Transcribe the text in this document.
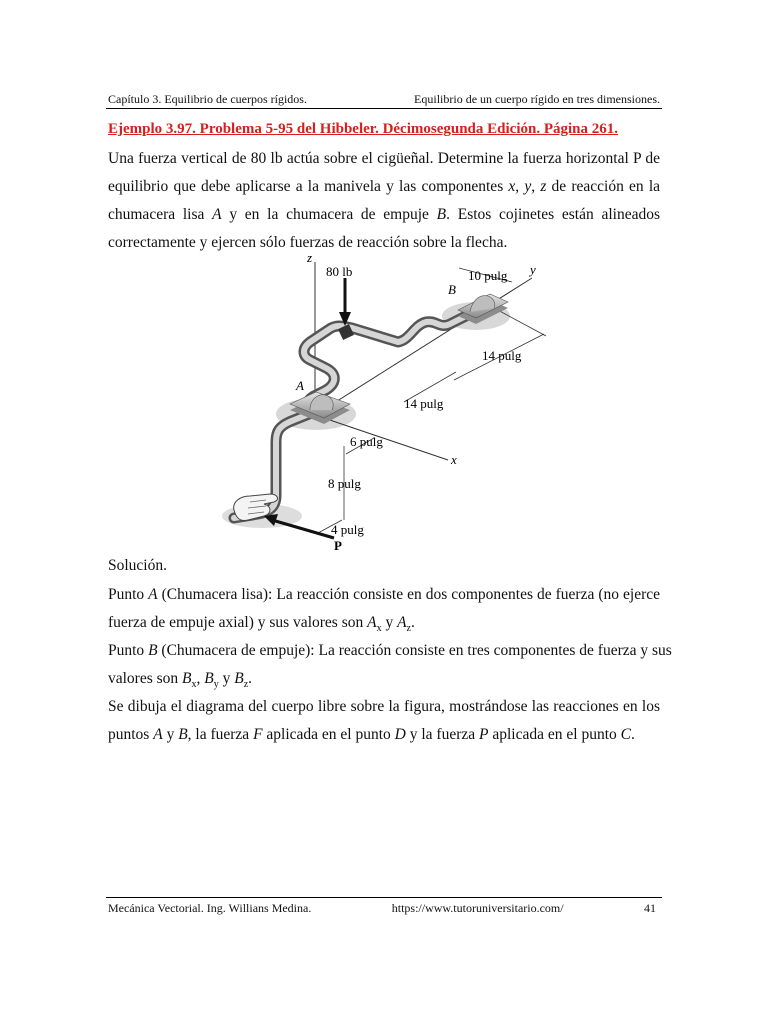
Capítulo 3. Equilibrio de cuerpos rígidos.	Equilibrio de un cuerpo rígido en tres dimensiones.
Ejemplo 3.97. Problema 5-95 del Hibbeler. Décimosegunda Edición. Página 261.
Una fuerza vertical de 80 lb actúa sobre el cigüeñal. Determine la fuerza horizontal P de
equilibrio que debe aplicarse a la manivela y las componentes x, y, z de reacción en la
chumacera lisa A y en la chumacera de empuje B. Estos cojinetes están alineados
correctamente y ejercen sólo fuerzas de reacción sobre la flecha.
z
80 lb	10 pulg y
B
14 pulg
A
14 pulg
6 pulg
x
8 pulg
4 pulg
P
Solución.
Punto A (Chumacera lisa): La reacción consiste en dos componentes de fuerza (no ejerce
fuerza de empuje axial) y sus valores son $A_x$ y $A_z$.
Punto B (Chumacera de empuje): La reacción consiste en tres componentes de fuerza y sus
valores son $B_x$, $B_y$ y $B_z$.
Se dibuja el diagrama del cuerpo libre sobre la figura, mostrándose las reacciones en los
puntos A y B, la fuerza F aplicada en el punto D y la fuerza P aplicada en el punto C.
Mecánica Vectorial. Ing. Willians Medina.	https://www.tutoruniversitario.com/	41
